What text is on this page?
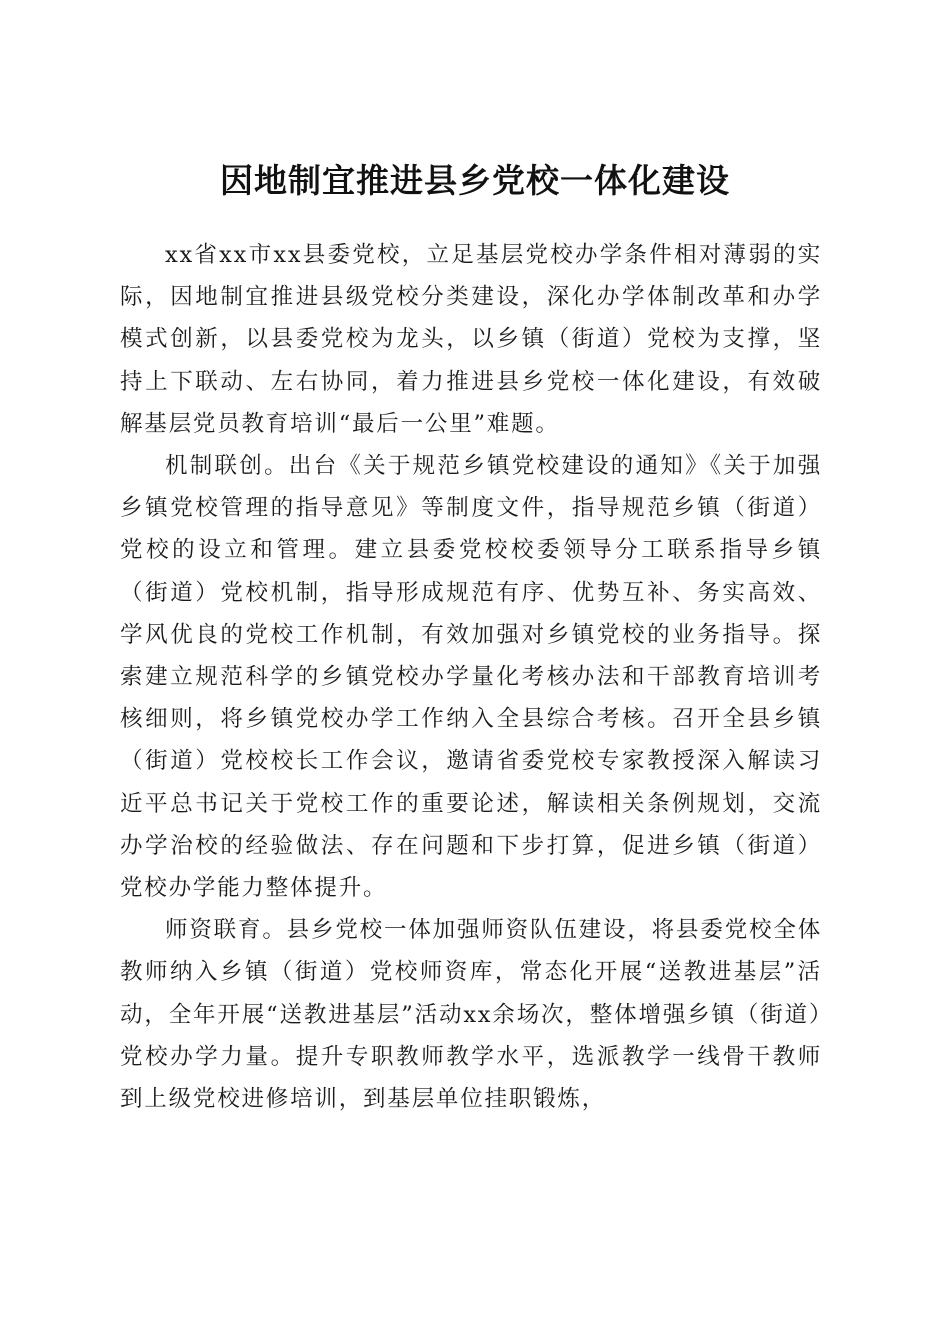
因地制宜推进县乡党校一体化建设

xx省xx市xx县委党校，立足基层党校办学条件相对薄弱的实际，因地制宜推进县级党校分类建设，深化办学体制改革和办学模式创新，以县委党校为龙头，以乡镇（街道）党校为支撑，坚持上下联动、左右协同，着力推进县乡党校一体化建设，有效破解基层党员教育培训“最后一公里”难题。

机制联创。出台《关于规范乡镇党校建设的通知》《关于加强乡镇党校管理的指导意见》等制度文件，指导规范乡镇（街道）党校的设立和管理。建立县委党校校委领导分工联系指导乡镇（街道）党校机制，指导形成规范有序、优势互补、务实高效、学风优良的党校工作机制，有效加强对乡镇党校的业务指导。探索建立规范科学的乡镇党校办学量化考核办法和干部教育培训考核细则，将乡镇党校办学工作纳入全县综合考核。召开全县乡镇（街道）党校校长工作会议，邀请省委党校专家教授深入解读习近平总书记关于党校工作的重要论述，解读相关条例规划，交流办学治校的经验做法、存在问题和下步打算，促进乡镇（街道）党校办学能力整体提升。

师资联育。县乡党校一体加强师资队伍建设，将县委党校全体教师纳入乡镇（街道）党校师资库，常态化开展“送教进基层”活动，全年开展“送教进基层”活动xx余场次，整体增强乡镇（街道）党校办学力量。提升专职教师教学水平，选派教学一线骨干教师到上级党校进修培训，到基层单位挂职锻炼，
